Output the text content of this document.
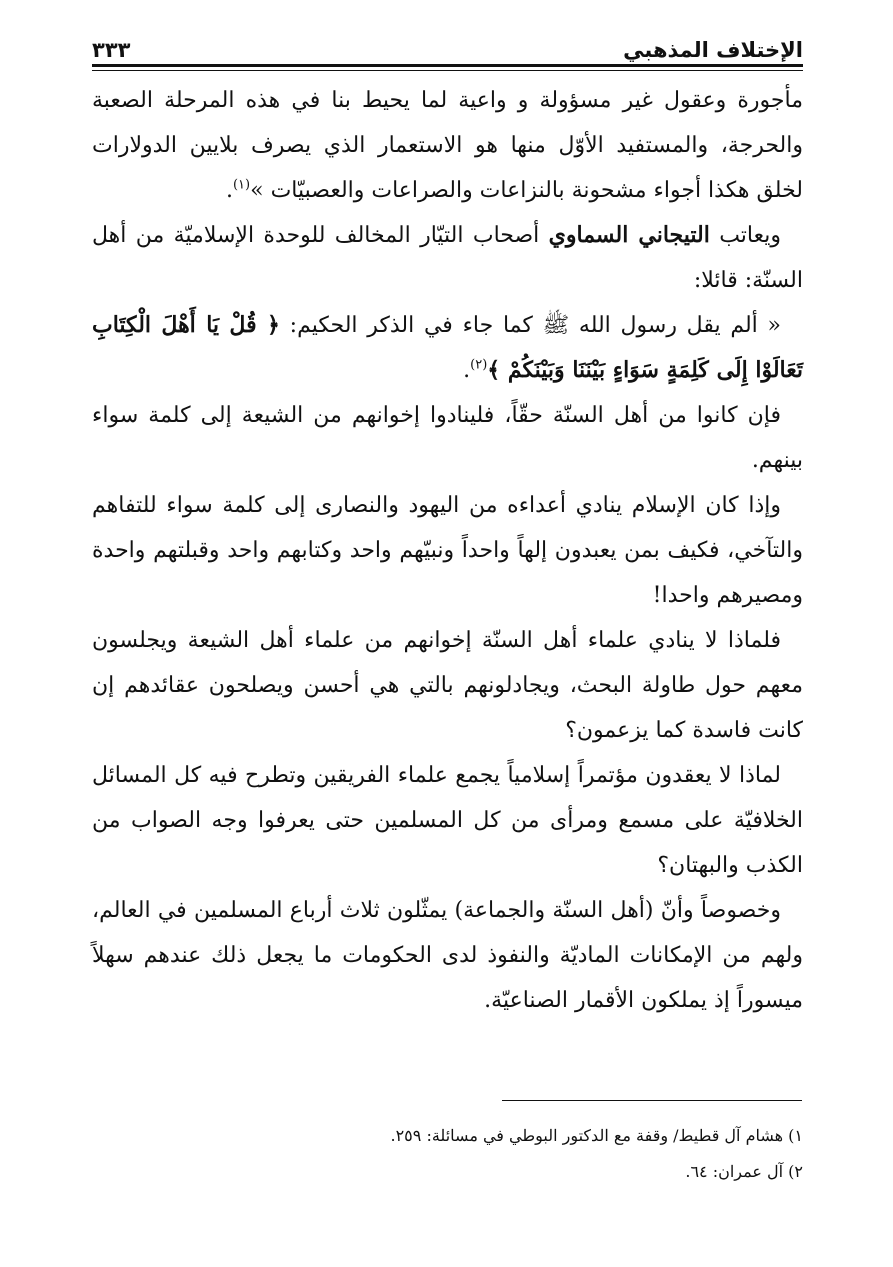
الإختلاف المذهبي
٣٣٣

مأجورة وعقول غير مسؤولة و واعية لما يحيط بنا في هذه المرحلة الصعبة والحرجة، والمستفيد الأوّل منها هو الاستعمار الذي يصرف بلايين الدولارات لخلق هكذا أجواء مشحونة بالنزاعات والصراعات والعصبيّات »$^{(١)}$.

ويعاتب التيجاني السماوي أصحاب التيّار المخالف للوحدة الإسلاميّة من أهل السنّة: قائلا:

« ألم يقل رسول الله ﷺ كما جاء في الذكر الحكيم: ﴿ قُلْ يَا أَهْلَ الْكِتَابِ تَعَالَوْا إِلَى كَلِمَةٍ سَوَاءٍ بَيْنَنَا وَبَيْنَكُمْ ﴾$^{(٢)}$.

فإن كانوا من أهل السنّة حقّاً، فلينادوا إخوانهم من الشيعة إلى كلمة سواء بينهم.

وإذا كان الإسلام ينادي أعداءه من اليهود والنصارى إلى كلمة سواء للتفاهم والتآخي، فكيف بمن يعبدون إلهاً واحداً ونبيّهم واحد وكتابهم واحد وقبلتهم واحدة ومصيرهم واحدا!

فلماذا لا ينادي علماء أهل السنّة إخوانهم من علماء أهل الشيعة ويجلسون معهم حول طاولة البحث، ويجادلونهم بالتي هي أحسن ويصلحون عقائدهم إن كانت فاسدة كما يزعمون؟

لماذا لا يعقدون مؤتمراً إسلامياً يجمع علماء الفريقين وتطرح فيه كل المسائل الخلافيّة على مسمع ومرأى من كل المسلمين حتى يعرفوا وجه الصواب من الكذب والبهتان؟

وخصوصاً وأنّ (أهل السنّة والجماعة) يمثّلون ثلاث أرباع المسلمين في العالم، ولهم من الإمكانات الماديّة والنفوذ لدى الحكومات ما يجعل ذلك عندهم سهلاً ميسوراً إذ يملكون الأقمار الصناعيّة.

١) هشام آل قطيط/ وقفة مع الدكتور البوطي في مسائلة: ٢٥٩.
٢) آل عمران: ٦٤.
